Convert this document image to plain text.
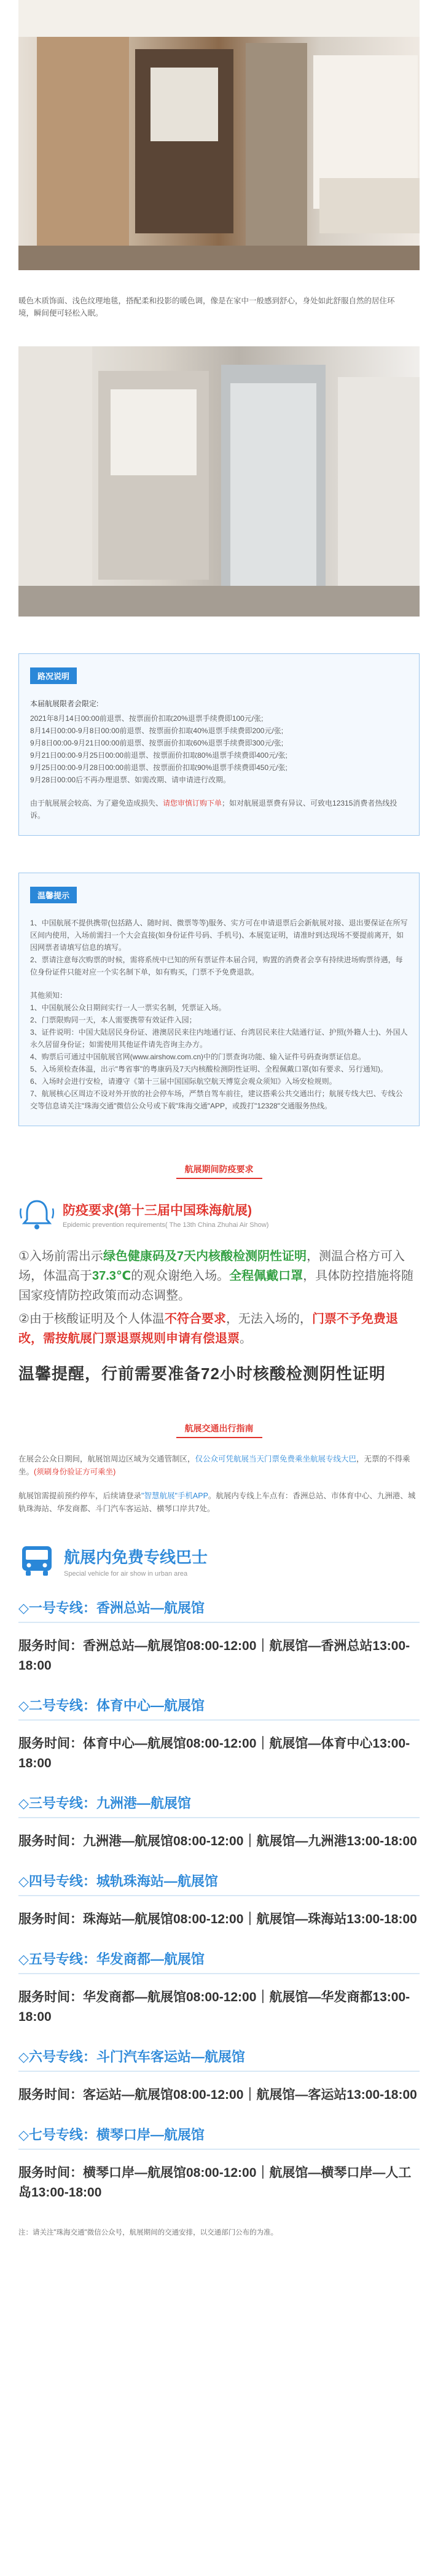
暖色木质饰面、浅色纹理地毯，搭配柔和投影的暖色调，像是在家中一般感到舒心，身处如此舒服自然的居住环境，瞬间便可轻松入眠。

路况说明

本届航展限者会限定:

2021年8月14日00:00前退票、按票面价扣取20%退票手续费即100元/张;

8月14日00:00-9月8日00:00前退票、按票面价扣取40%退票手续费即200元/张;

9月8日00:00-9月21日00:00前退票、按票面价扣取60%退票手续费即300元/张;

9月21日00:00-9月25日00:00前退票、按票面价扣取80%退票手续费即400元/张;

9月25日00:00-9月28日00:00前退票、按票面价扣取90%退票手续费即450元/张;

9月28日00:00后不再办理退票、如需改期、请申请进行改期。

由于航展展会较高、为了避免造成损失、请您审慎订购下单；如对航展退票费有异议、可致电12315消费者热线投诉。

温馨提示

1、中国航展不提供携带(包括路人、随时间、微票等等)服务、实方可在申请退票后会新航展对接、退出要保证在所写区间内使用，入场前需扫一个大会直接(如身份证件号码、手机号)、本展览证明，请准时到达现场不要提前离开，如因网票者请填写信息的填写。

2、票请注意每次购票的时候，需将系统中已知的所有票证件本届合同，购置的消费者会享有持续进场购票待遇，每位身份证件只能对应一个实名制下单，如有购买，门票不予免费退款。

其他须知：

1、中国航展公众日期间实行一人一票实名制，凭票证入场。

2、门票限购同一天，本人需要携带有效证件入园；

3、证件说明：中国大陆居民身份证、港澳居民来往内地通行证、台湾居民来往大陆通行证、护照(外籍人士)、外国人永久居留身份证；如需使用其他证件请先咨询主办方。

4、购票后可通过中国航展官网(www.airshow.com.cn)中的门票查询功能、输入证件号码查询票证信息。

5、入场须检查体温，出示"粤省事"的粤康码及7天内核酸检测阴性证明、全程佩戴口罩(如有要求、另行通知)。

6、入场时会进行安检，请遵守《第十三届中国国际航空航天博览会观众须知》入场安检规则。

7、航展核心区周边不设对外开放的社会停车场，严禁自驾车前往，建议搭乘公共交通出行；航展专线大巴、专线公交等信息请关注"珠海交通"微信公众号或下载"珠海交通"APP，或拨打"12328"交通服务热线。

航展期间防疫要求
防疫要求(第十三届中国珠海航展)
Epidemic prevention requirements( The 13th China Zhuhai Air Show)

①入场前需出示绿色健康码及7天内核酸检测阴性证明，测温合格方可入场，体温高于37.3℃的观众谢绝入场。全程佩戴口罩，具体防控措施将随国家疫情防控政策而动态调整。

②由于核酸证明及个人体温不符合要求，无法入场的，门票不予免费退改，需按航展门票退票规则申请有偿退票。

温馨提醒，行前需要准备72小时核酸检测阴性证明

航展交通出行指南

在展会公众日期间，航展馆周边区域为交通管制区，仅公众可凭航展当天门票免费乘坐航展专线大巴，无票的不得乘坐。(须刷身份验证方可乘坐)

航展馆需提前预约停车，后续请登录"智慧航展"手机APP。航展内专线上车点有：香洲总站、市体育中心、九洲港、城轨珠海站、华发商都、斗门汽车客运站、横琴口岸共7处。

航展内免费专线巴士
Special vehicle for air show in urban area
◇一号专线：香洲总站—航展馆

服务时间：香洲总站—航展馆08:00-12:00｜航展馆—香洲总站13:00-18:00

◇二号专线：体育中心—航展馆

服务时间：体育中心—航展馆08:00-12:00｜航展馆—体育中心13:00-18:00

◇三号专线：九洲港—航展馆

服务时间：九洲港—航展馆08:00-12:00｜航展馆—九洲港13:00-18:00

◇四号专线：城轨珠海站—航展馆

服务时间：珠海站—航展馆08:00-12:00｜航展馆—珠海站13:00-18:00

◇五号专线：华发商都—航展馆

服务时间：华发商都—航展馆08:00-12:00｜航展馆—华发商都13:00-18:00

◇六号专线：斗门汽车客运站—航展馆

服务时间：客运站—航展馆08:00-12:00｜航展馆—客运站13:00-18:00

◇七号专线：横琴口岸—航展馆

服务时间：横琴口岸—航展馆08:00-12:00｜航展馆—横琴口岸—人工岛13:00-18:00

注：请关注"珠海交通"微信公众号，航展期间的交通安排，以交通部门公布的为准。
